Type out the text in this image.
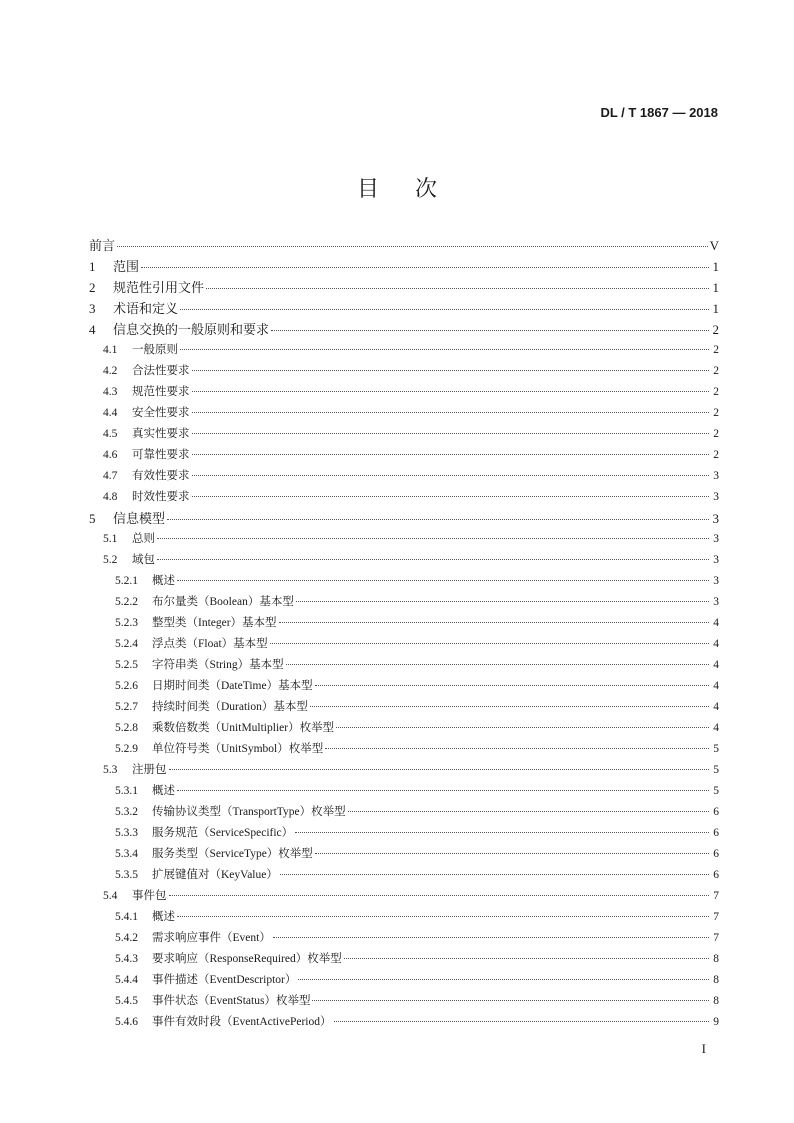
DL / T 1867 — 2018
目次
前言	V
1	范围	1
2	规范性引用文件	1
3	术语和定义	1
4	信息交换的一般原则和要求	2
4.1	一般原则	2
4.2	合法性要求	2
4.3	规范性要求	2
4.4	安全性要求	2
4.5	真实性要求	2
4.6	可靠性要求	2
4.7	有效性要求	3
4.8	时效性要求	3
5	信息模型	3
5.1	总则	3
5.2	域包	3
5.2.1	概述	3
5.2.2	布尔量类（Boolean）基本型	3
5.2.3	整型类（Integer）基本型	4
5.2.4	浮点类（Float）基本型	4
5.2.5	字符串类（String）基本型	4
5.2.6	日期时间类（DateTime）基本型	4
5.2.7	持续时间类（Duration）基本型	4
5.2.8	乘数倍数类（UnitMultiplier）枚举型	4
5.2.9	单位符号类（UnitSymbol）枚举型	5
5.3	注册包	5
5.3.1	概述	5
5.3.2	传输协议类型（TransportType）枚举型	6
5.3.3	服务规范（ServiceSpecific）	6
5.3.4	服务类型（ServiceType）枚举型	6
5.3.5	扩展键值对（KeyValue）	6
5.4	事件包	7
5.4.1	概述	7
5.4.2	需求响应事件（Event）	7
5.4.3	要求响应（ResponseRequired）枚举型	8
5.4.4	事件描述（EventDescriptor）	8
5.4.5	事件状态（EventStatus）枚举型	8
5.4.6	事件有效时段（EventActivePeriod）	9
I
